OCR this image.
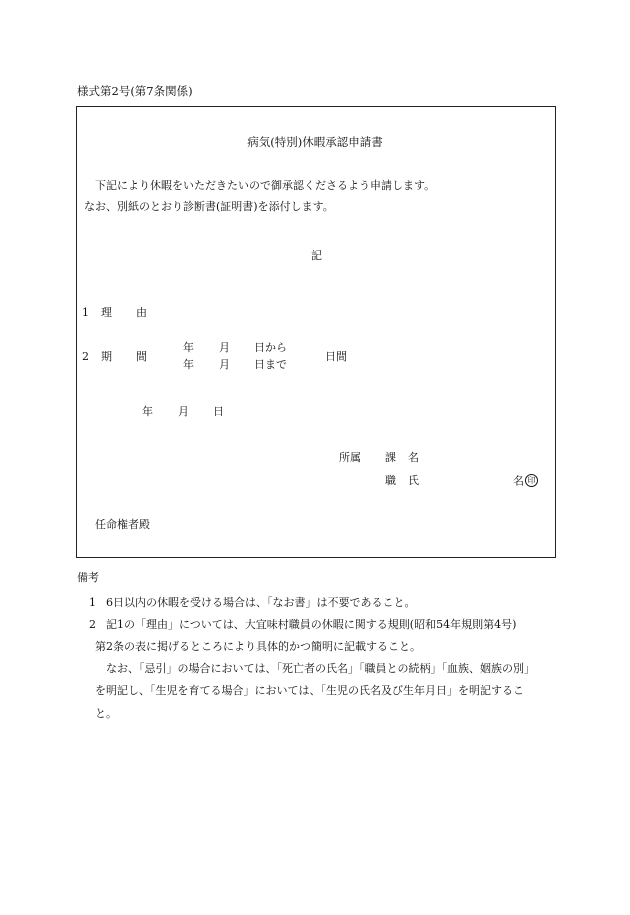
様式第2号(第7条関係)
病気(特別)休暇承認申請書
下記により休暇をいただきたいので御承認くださるよう申請します。
なお、別紙のとおり診断書(証明書)を添付します。
記
1 理 由
2 期 間
年 月 日から
年 月 日まで
日間
年 月 日
所属 課 名
職 氏	名 印
任命権者殿
備考
1 6日以内の休暇を受ける場合は、「なお書」は不要であること。
2 記1の「理由」については、大宜味村職員の休暇に関する規則(昭和54年規則第4号)
第2条の表に掲げるところにより具体的かつ簡明に記載すること。
なお、「忌引」の場合においては、「死亡者の氏名」「職員との続柄」「血族、姻族の別」
を明記し、「生児を育てる場合」においては、「生児の氏名及び生年月日」を明記するこ
と。
